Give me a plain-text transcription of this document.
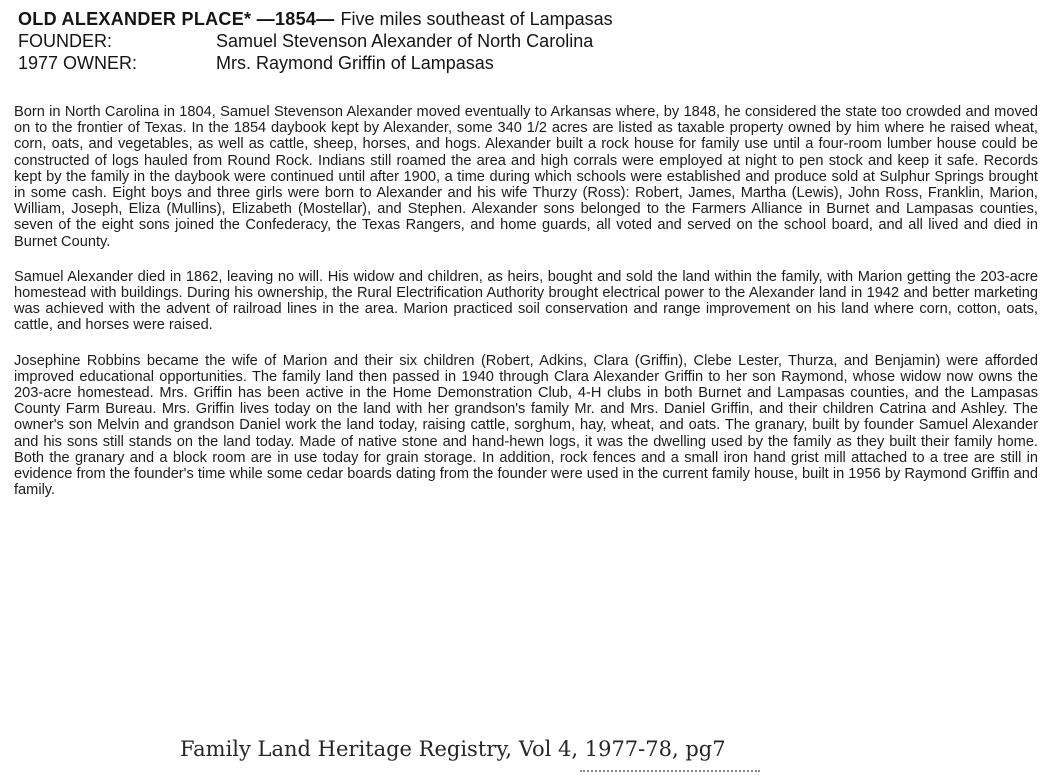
OLD ALEXANDER PLACE* —1854— Five miles southeast of Lampasas
FOUNDER:	Samuel Stevenson Alexander of North Carolina
1977 OWNER:	Mrs. Raymond Griffin of Lampasas

Born in North Carolina in 1804, Samuel Stevenson Alexander moved eventually to Arkansas where, by 1848, he considered the state too crowded and moved on to the frontier of Texas. In the 1854 daybook kept by Alexander, some 340 1/2 acres are listed as taxable property owned by him where he raised wheat, corn, oats, and vegetables, as well as cattle, sheep, horses, and hogs. Alexander built a rock house for family use until a four-room lumber house could be constructed of logs hauled from Round Rock. Indians still roamed the area and high corrals were employed at night to pen stock and keep it safe. Records kept by the family in the daybook were continued until after 1900, a time during which schools were established and produce sold at Sulphur Springs brought in some cash. Eight boys and three girls were born to Alexander and his wife Thurzy (Ross): Robert, James, Martha (Lewis), John Ross, Franklin, Marion, William, Joseph, Eliza (Mullins), Elizabeth (Mostellar), and Stephen. Alexander sons belonged to the Farmers Alliance in Burnet and Lampasas counties, seven of the eight sons joined the Confederacy, the Texas Rangers, and home guards, all voted and served on the school board, and all lived and died in Burnet County.

Samuel Alexander died in 1862, leaving no will. His widow and children, as heirs, bought and sold the land within the family, with Marion getting the 203-acre homestead with buildings. During his ownership, the Rural Electrification Authority brought electrical power to the Alexander land in 1942 and better marketing was achieved with the advent of railroad lines in the area. Marion practiced soil conservation and range improvement on his land where corn, cotton, oats, cattle, and horses were raised.

Josephine Robbins became the wife of Marion and their six children (Robert, Adkins, Clara (Griffin), Clebe Lester, Thurza, and Benjamin) were afforded improved educational opportunities. The family land then passed in 1940 through Clara Alexander Griffin to her son Raymond, whose widow now owns the 203-acre homestead. Mrs. Griffin has been active in the Home Demonstration Club, 4-H clubs in both Burnet and Lampasas counties, and the Lampasas County Farm Bureau. Mrs. Griffin lives today on the land with her grandson's family Mr. and Mrs. Daniel Griffin, and their children Catrina and Ashley. The owner's son Melvin and grandson Daniel work the land today, raising cattle, sorghum, hay, wheat, and oats. The granary, built by founder Samuel Alexander and his sons still stands on the land today. Made of native stone and hand-hewn logs, it was the dwelling used by the family as they built their family home. Both the granary and a block room are in use today for grain storage. In addition, rock fences and a small iron hand grist mill attached to a tree are still in evidence from the founder's time while some cedar boards dating from the founder were used in the current family house, built in 1956 by Raymond Griffin and family.

Family Land Heritage Registry, Vol 4, 1977-78, pg7
